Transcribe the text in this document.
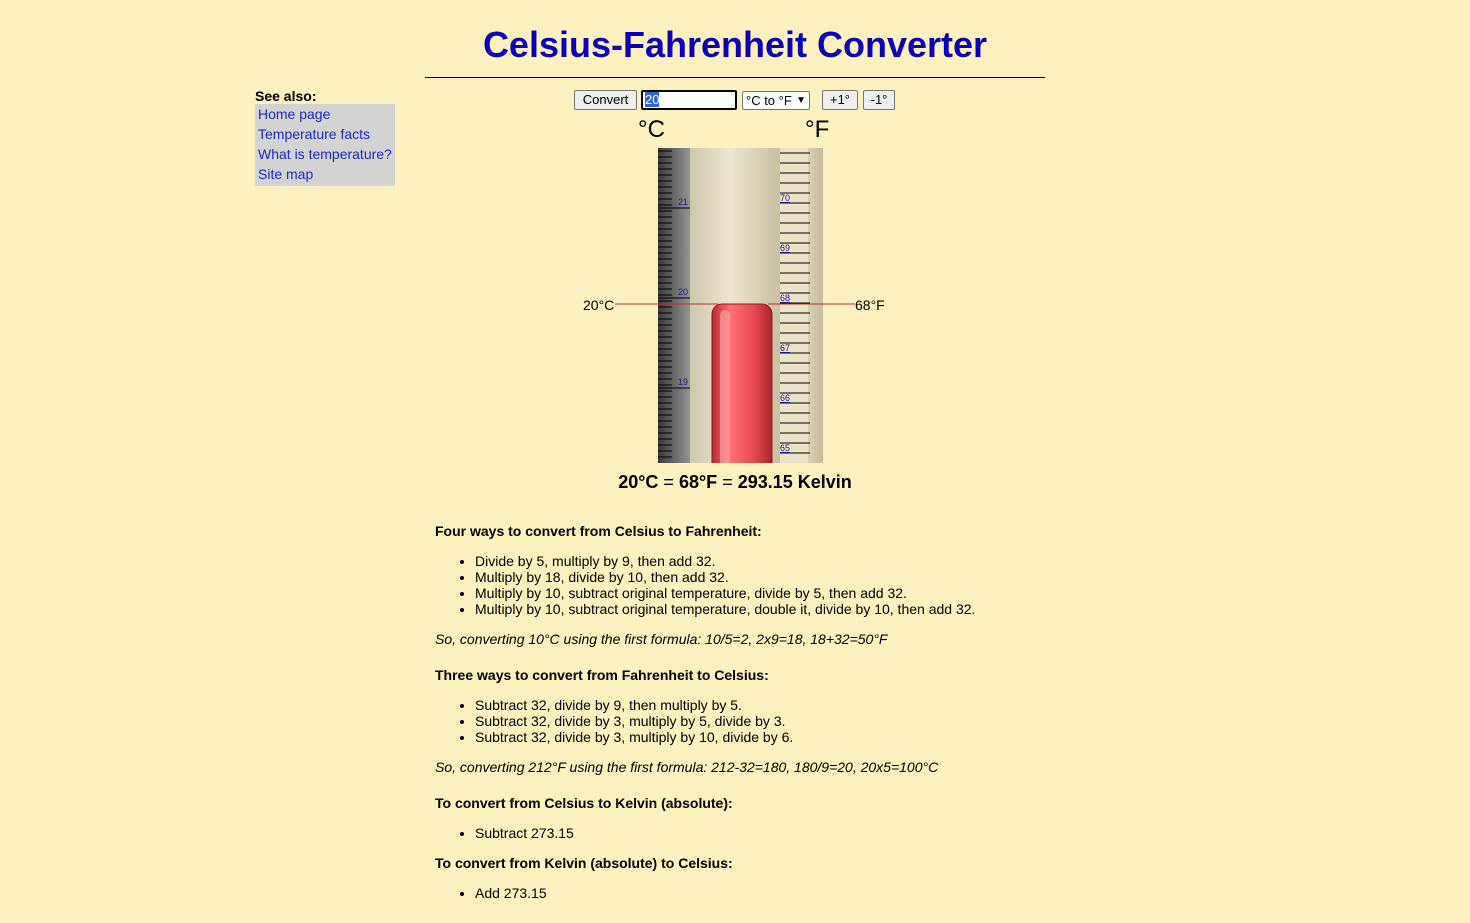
Celsius-Fahrenheit Converter
See also:
Home page
Temperature facts
What is temperature?
Site map
Convert	20	°C to °F ▼	+1°	-1°
°C	°F
21
20
19
70
69
68
67
66
65
20°C	68°F
20°C = 68°F = 293.15 Kelvin
Four ways to convert from Celsius to Fahrenheit:
• Divide by 5, multiply by 9, then add 32.
• Multiply by 18, divide by 10, then add 32.
• Multiply by 10, subtract original temperature, divide by 5, then add 32.
• Multiply by 10, subtract original temperature, double it, divide by 10, then add 32.

So, converting 10°C using the first formula: 10/5=2, 2x9=18, 18+32=50°F

Three ways to convert from Fahrenheit to Celsius:
• Subtract 32, divide by 9, then multiply by 5.
• Subtract 32, divide by 3, multiply by 5, divide by 3.
• Subtract 32, divide by 3, multiply by 10, divide by 6.

So, converting 212°F using the first formula: 212-32=180, 180/9=20, 20x5=100°C

To convert from Celsius to Kelvin (absolute):
• Subtract 273.15
To convert from Kelvin (absolute) to Celsius:
• Add 273.15
